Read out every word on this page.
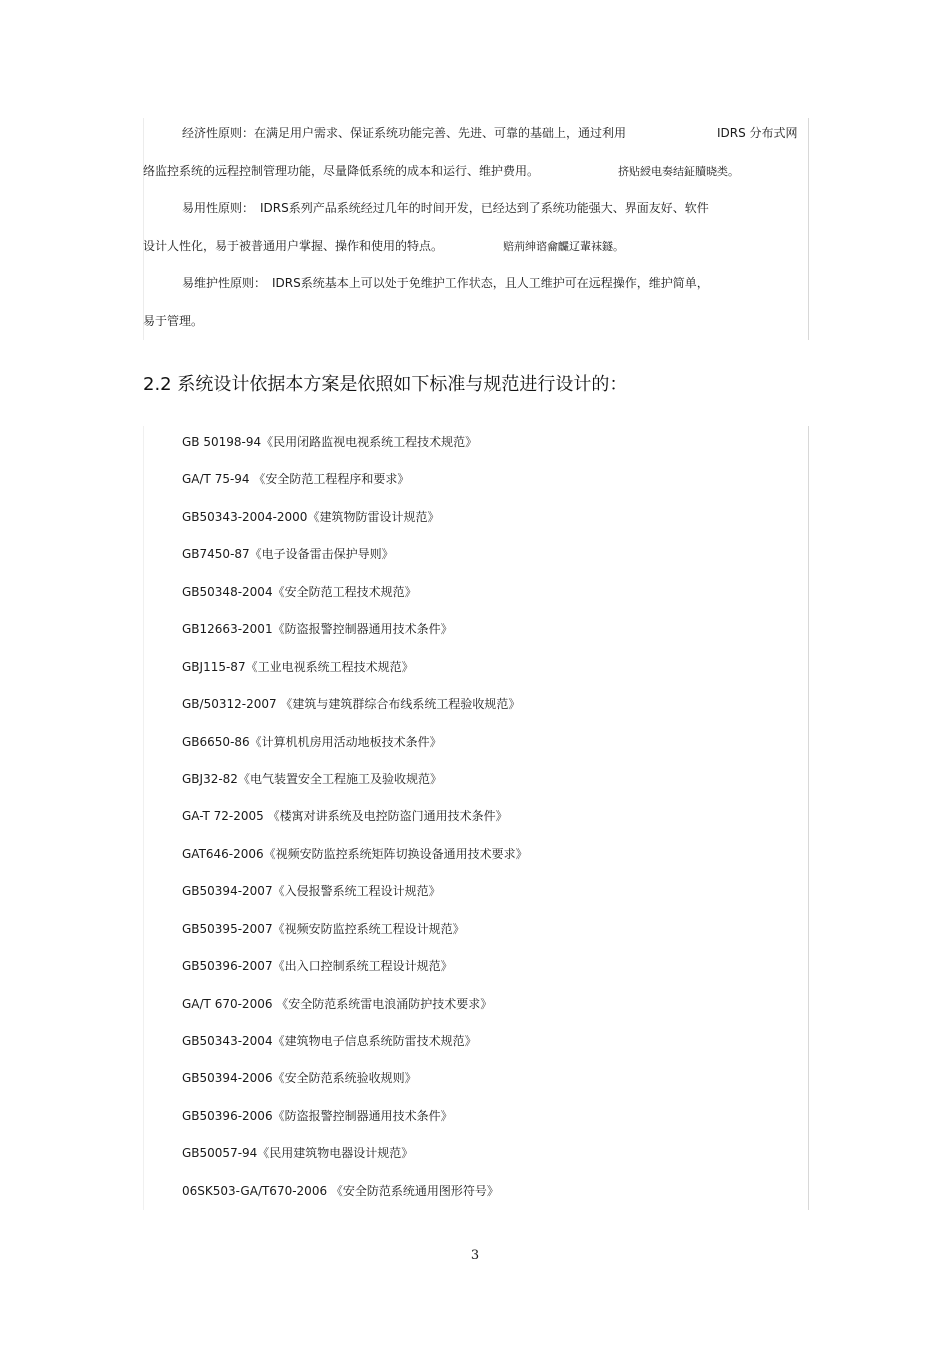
经济性原则：在满足用户需求、保证系统功能完善、先进、可靠的基础上，通过利用	IDRS 分布式网
络监控系统的远程控制管理功能，尽量降低系统的成本和运行、维护费用。	挤贴綬电奏结鉦贖晓类。
易用性原则：　IDRS系列产品系统经过几年的时间开发，已经达到了系统功能强大、界面友好、软件
设计人性化，易于被普通用户掌握、操作和使用的特点。	赔荊绅谘龠麣辽輩袜鐩。
易维护性原则：　IDRS系统基本上可以处于免维护工作状态，且人工维护可在远程操作，维护简单，
易于管理。
2.2 系统设计依据本方案是依照如下标准与规范进行设计的：
GB 50198-94《民用闭路监视电视系统工程技术规范》
GA/T 75-94 《安全防范工程程序和要求》
GB50343-2004-2000《建筑物防雷设计规范》
GB7450-87《电子设备雷击保护导则》
GB50348-2004《安全防范工程技术规范》
GB12663-2001《防盗报警控制器通用技术条件》
GBJ115-87《工业电视系统工程技术规范》
GB/50312-2007 《建筑与建筑群综合布线系统工程验收规范》
GB6650-86《计算机机房用活动地板技术条件》
GBJ32-82《电气装置安全工程施工及验收规范》
GA-T 72-2005 《楼寓对讲系统及电控防盗门通用技术条件》
GAT646-2006《视频安防监控系统矩阵切换设备通用技术要求》
GB50394-2007《入侵报警系统工程设计规范》
GB50395-2007《视频安防监控系统工程设计规范》
GB50396-2007《出入口控制系统工程设计规范》
GA/T 670-2006 《安全防范系统雷电浪涌防护技术要求》
GB50343-2004《建筑物电子信息系统防雷技术规范》
GB50394-2006《安全防范系统验收规则》
GB50396-2006《防盗报警控制器通用技术条件》
GB50057-94《民用建筑物电器设计规范》
06SK503-GA/T670-2006 《安全防范系统通用图形符号》
3
